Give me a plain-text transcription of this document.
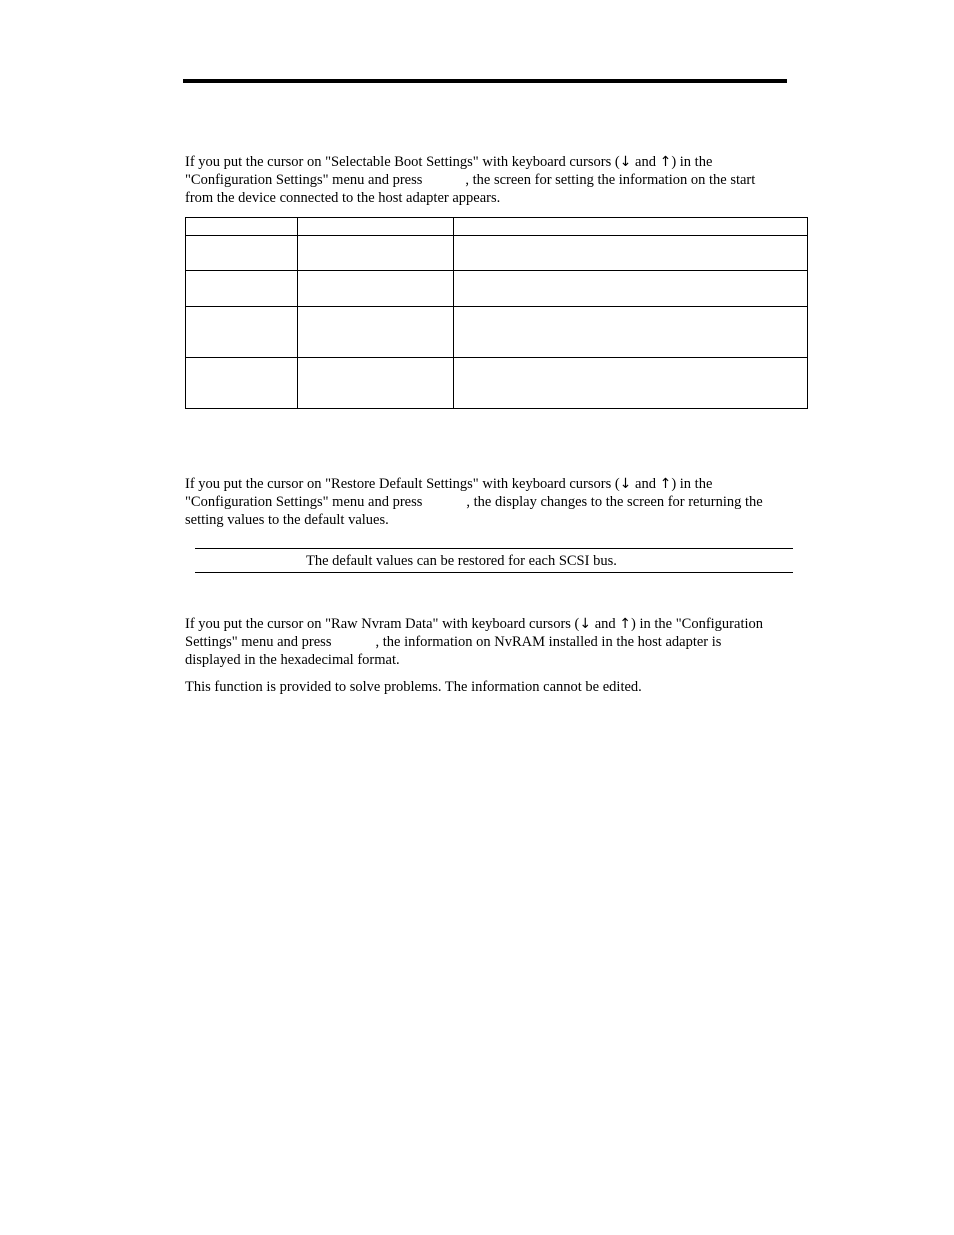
If you put the cursor on "Selectable Boot Settings" with keyboard cursors (↓ and ↑) in the
"Configuration Settings" menu and press	, the screen for setting the information on the start
from the device connected to the host adapter appears.

If you put the cursor on "Restore Default Settings" with keyboard cursors (↓ and ↑) in the
"Configuration Settings" menu and press	, the display changes to the screen for returning the
setting values to the default values.

The default values can be restored for each SCSI bus.

If you put the cursor on "Raw Nvram Data" with keyboard cursors (↓ and ↑) in the "Configuration
Settings" menu and press	, the information on NvRAM installed in the host adapter is
displayed in the hexadecimal format.

This function is provided to solve problems. The information cannot be edited.
